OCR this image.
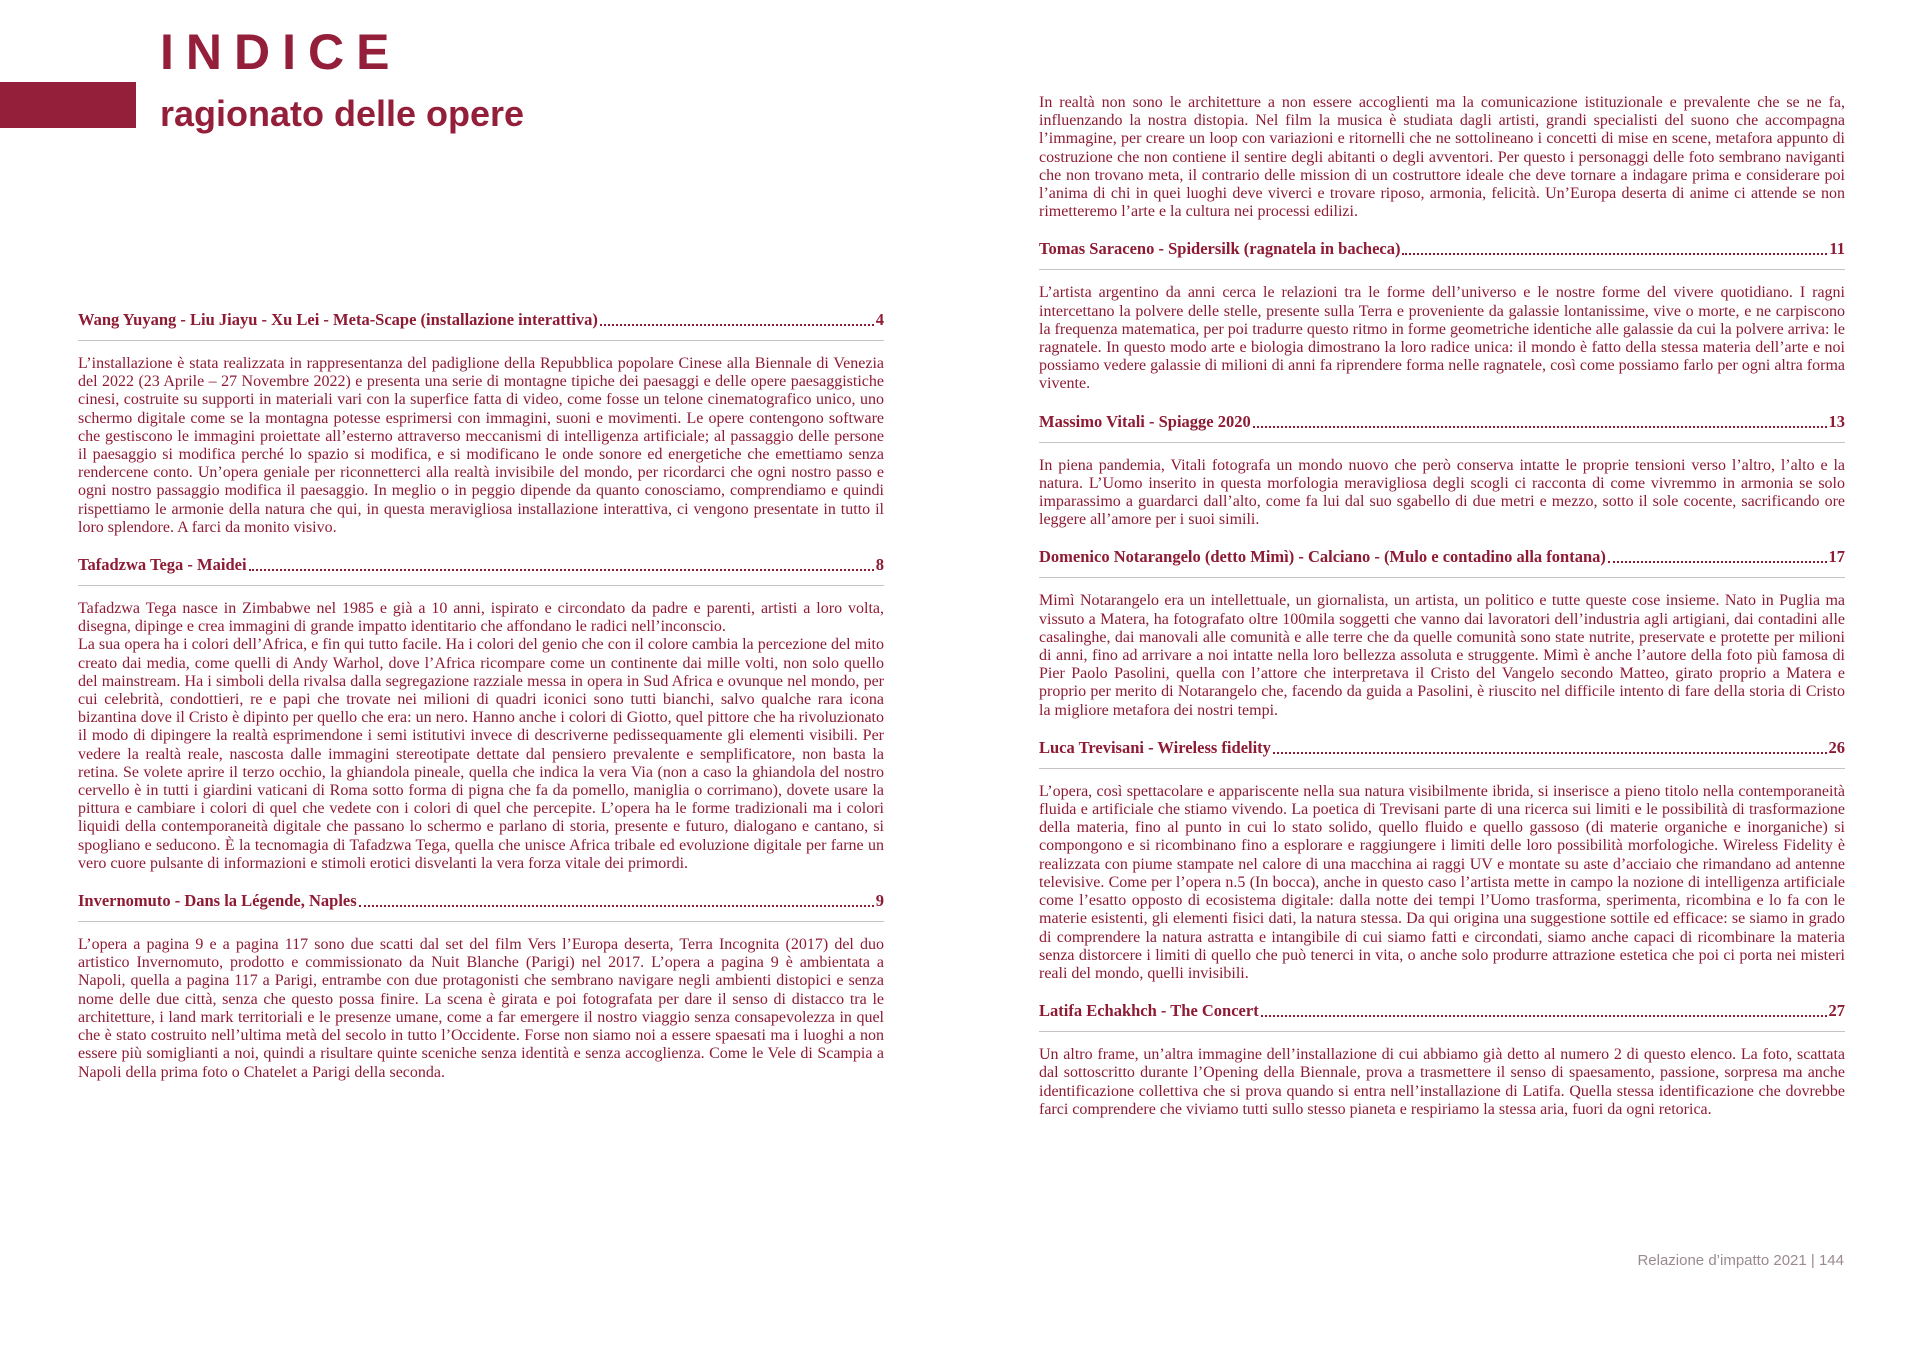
INDICE
ragionato delle opere
Wang Yuyang - Liu Jiayu - Xu Lei - Meta-Scape (installazione interattiva)	4

L’installazione è stata realizzata in rappresentanza del padiglione della Repubblica popolare Cinese alla Biennale di Venezia del 2022 (23 Aprile – 27 Novembre 2022) e presenta una serie di montagne tipiche dei paesaggi e delle opere paesaggistiche cinesi, costruite su supporti in materiali vari con la superfice fatta di video, come fosse un telone cinematografico unico, uno schermo digitale come se la montagna potesse esprimersi con immagini, suoni e movimenti. Le opere contengono software che gestiscono le immagini proiettate all’esterno attraverso meccanismi di intelligenza artificiale; al passaggio delle persone il paesaggio si modifica perché lo spazio si modifica, e si modificano le onde sonore ed energetiche che emettiamo senza rendercene conto. Un’opera geniale per riconnetterci alla realtà invisibile del mondo, per ricordarci che ogni nostro passo e ogni nostro passaggio modifica il paesaggio. In meglio o in peggio dipende da quanto conosciamo, comprendiamo e quindi rispettiamo le armonie della natura che qui, in questa meravigliosa installazione interattiva, ci vengono presentate in tutto il loro splendore. A farci da monito visivo.

Tafadzwa Tega - Maidei	8

Tafadzwa Tega nasce in Zimbabwe nel 1985 e già a 10 anni, ispirato e circondato da padre e parenti, artisti a loro volta, disegna, dipinge e crea immagini di grande impatto identitario che affondano le radici nell’inconscio.
La sua opera ha i colori dell’Africa, e fin qui tutto facile. Ha i colori del genio che con il colore cambia la percezione del mito creato dai media, come quelli di Andy Warhol, dove l’Africa ricompare come un continente dai mille volti, non solo quello del mainstream. Ha i simboli della rivalsa dalla segregazione razziale messa in opera in Sud Africa e ovunque nel mondo, per cui celebrità, condottieri, re e papi che trovate nei milioni di quadri iconici sono tutti bianchi, salvo qualche rara icona bizantina dove il Cristo è dipinto per quello che era: un nero. Hanno anche i colori di Giotto, quel pittore che ha rivoluzionato il modo di dipingere la realtà esprimendone i semi istitutivi invece di descriverne pedissequamente gli elementi visibili. Per vedere la realtà reale, nascosta dalle immagini stereotipate dettate dal pensiero prevalente e semplificatore, non basta la retina. Se volete aprire il terzo occhio, la ghiandola pineale, quella che indica la vera Via (non a caso la ghiandola del nostro cervello è in tutti i giardini vaticani di Roma sotto forma di pigna che fa da pomello, maniglia o corrimano), dovete usare la pittura e cambiare i colori di quel che vedete con i colori di quel che percepite. L’opera ha le forme tradizionali ma i colori liquidi della contemporaneità digitale che passano lo schermo e parlano di storia, presente e futuro, dialogano e cantano, si spogliano e seducono. È la tecnomagia di Tafadzwa Tega, quella che unisce Africa tribale ed evoluzione digitale per farne un vero cuore pulsante di informazioni e stimoli erotici disvelanti la vera forza vitale dei primordi.

Invernomuto - Dans la Légende, Naples	9

L’opera a pagina 9 e a pagina 117 sono due scatti dal set del film Vers l’Europa deserta, Terra Incognita (2017) del duo artistico Invernomuto, prodotto e commissionato da Nuit Blanche (Parigi) nel 2017. L’opera a pagina 9 è ambientata a Napoli, quella a pagina 117 a Parigi, entrambe con due protagonisti che sembrano navigare negli ambienti distopici e senza nome delle due città, senza che questo possa finire. La scena è girata e poi fotografata per dare il senso di distacco tra le architetture, i land mark territoriali e le presenze umane, come a far emergere il nostro viaggio senza consapevolezza in quel che è stato costruito nell’ultima metà del secolo in tutto l’Occidente. Forse non siamo noi a essere spaesati ma i luoghi a non essere più somiglianti a noi, quindi a risultare quinte sceniche senza identità e senza accoglienza. Come le Vele di Scampia a Napoli della prima foto o Chatelet a Parigi della seconda.

In realtà non sono le architetture a non essere accoglienti ma la comunicazione istituzionale e prevalente che se ne fa, influenzando la nostra distopia. Nel film la musica è studiata dagli artisti, grandi specialisti del suono che accompagna l’immagine, per creare un loop con variazioni e ritornelli che ne sottolineano i concetti di mise en scene, metafora appunto di costruzione che non contiene il sentire degli abitanti o degli avventori. Per questo i personaggi delle foto sembrano naviganti che non trovano meta, il contrario delle mission di un costruttore ideale che deve tornare a indagare prima e considerare poi l’anima di chi in quei luoghi deve viverci e trovare riposo, armonia, felicità. Un’Europa deserta di anime ci attende se non rimetteremo l’arte e la cultura nei processi edilizi.

Tomas Saraceno - Spidersilk (ragnatela in bacheca)	11

L’artista argentino da anni cerca le relazioni tra le forme dell’universo e le nostre forme del vivere quotidiano. I ragni intercettano la polvere delle stelle, presente sulla Terra e proveniente da galassie lontanissime, vive o morte, e ne carpiscono la frequenza matematica, per poi tradurre questo ritmo in forme geometriche identiche alle galassie da cui la polvere arriva: le ragnatele. In questo modo arte e biologia dimostrano la loro radice unica: il mondo è fatto della stessa materia dell’arte e noi possiamo vedere galassie di milioni di anni fa riprendere forma nelle ragnatele, così come possiamo farlo per ogni altra forma vivente.

Massimo Vitali - Spiagge 2020	13

In piena pandemia, Vitali fotografa un mondo nuovo che però conserva intatte le proprie tensioni verso l’altro, l’alto e la natura. L’Uomo inserito in questa morfologia meravigliosa degli scogli ci racconta di come vivremmo in armonia se solo imparassimo a guardarci dall’alto, come fa lui dal suo sgabello di due metri e mezzo, sotto il sole cocente, sacrificando ore leggere all’amore per i suoi simili.

Domenico Notarangelo (detto Mimì) - Calciano - (Mulo e contadino alla fontana)	17

Mimì Notarangelo era un intellettuale, un giornalista, un artista, un politico e tutte queste cose insieme. Nato in Puglia ma vissuto a Matera, ha fotografato oltre 100mila soggetti che vanno dai lavoratori dell’industria agli artigiani, dai contadini alle casalinghe, dai manovali alle comunità e alle terre che da quelle comunità sono state nutrite, preservate e protette per milioni di anni, fino ad arrivare a noi intatte nella loro bellezza assoluta e struggente. Mimì è anche l’autore della foto più famosa di Pier Paolo Pasolini, quella con l’attore che interpretava il Cristo del Vangelo secondo Matteo, girato proprio a Matera e proprio per merito di Notarangelo che, facendo da guida a Pasolini, è riuscito nel difficile intento di fare della storia di Cristo la migliore metafora dei nostri tempi.

Luca Trevisani - Wireless fidelity	26

L’opera, così spettacolare e appariscente nella sua natura visibilmente ibrida, si inserisce a pieno titolo nella contemporaneità fluida e artificiale che stiamo vivendo. La poetica di Trevisani parte di una ricerca sui limiti e le possibilità di trasformazione della materia, fino al punto in cui lo stato solido, quello fluido e quello gassoso (di materie organiche e inorganiche) si compongono e si ricombinano fino a esplorare e raggiungere i limiti delle loro possibilità morfologiche. Wireless Fidelity è realizzata con piume stampate nel calore di una macchina ai raggi UV e montate su aste d’acciaio che rimandano ad antenne televisive. Come per l’opera n.5 (In bocca), anche in questo caso l’artista mette in campo la nozione di intelligenza artificiale come l’esatto opposto di ecosistema digitale: dalla notte dei tempi l’Uomo trasforma, sperimenta, ricombina e lo fa con le materie esistenti, gli elementi fisici dati, la natura stessa. Da qui origina una suggestione sottile ed efficace: se siamo in grado di comprendere la natura astratta e intangibile di cui siamo fatti e circondati, siamo anche capaci di ricombinare la materia senza distorcere i limiti di quello che può tenerci in vita, o anche solo produrre attrazione estetica che poi ci porta nei misteri reali del mondo, quelli invisibili.

Latifa Echakhch - The Concert	27

Un altro frame, un’altra immagine dell’installazione di cui abbiamo già detto al numero 2 di questo elenco. La foto, scattata dal sottoscritto durante l’Opening della Biennale, prova a trasmettere il senso di spaesamento, passione, sorpresa ma anche identificazione collettiva che si prova quando si entra nell’installazione di Latifa. Quella stessa identificazione che dovrebbe farci comprendere che viviamo tutti sullo stesso pianeta e respiriamo la stessa aria, fuori da ogni retorica.

Relazione d’impatto 2021 | 144
